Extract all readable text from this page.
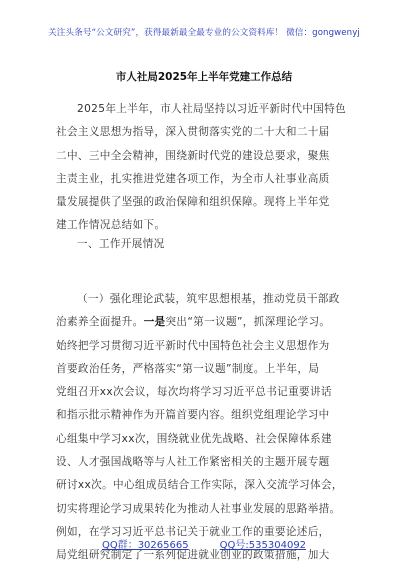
关注头条号“公文研究”，获得最新最全最专业的公文资料库！ 微信：gongwenyj
市人社局2025年上半年党建工作总结
2025年上半年，市人社局坚持以习近平新时代中国特色
社会主义思想为指导，深入贯彻落实党的二十大和二十届
二中、三中全会精神，围绕新时代党的建设总要求，聚焦
主责主业，扎实推进党建各项工作，为全市人社事业高质
量发展提供了坚强的政治保障和组织保障。现将上半年党
建工作情况总结如下。
一、工作开展情况
（一）强化理论武装，筑牢思想根基，推动党员干部政
治素养全面提升。一是突出“第一议题”，抓深理论学习。
始终把学习贯彻习近平新时代中国特色社会主义思想作为
首要政治任务，严格落实“第一议题”制度。上半年，局
党组召开xx次会议，每次均将学习习近平总书记重要讲话
和指示批示精神作为开篇首要内容。组织党组理论学习中
心组集中学习xx次，围绕就业优先战略、社会保障体系建
设、人才强国战略等与人社工作紧密相关的主题开展专题
研讨xx次。中心组成员结合工作实际，深入交流学习体会，
切实将理论学习成果转化为推动人社事业发展的思路举措。
例如，在学习习近平总书记关于就业工作的重要论述后，
局党组研究制定了一系列促进就业创业的政策措施，加大
QQ群：30265665	QQ号:535304092
